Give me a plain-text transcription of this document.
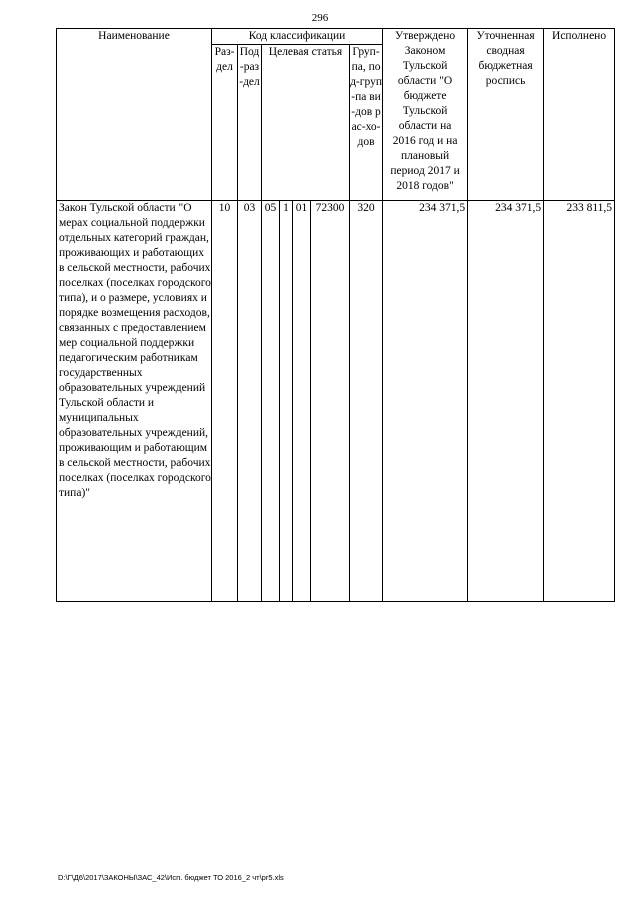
296
Наименование	Код классификации							Утверждено Законом Тульской области "О бюджете Тульской области на 2016 год и на плановый период 2017 и 2018 годов"	Уточненная сводная бюджетная роспись	Исполнено
	Раз-дел	Под-раз-дел	Целевая статья				Груп-па, под-груп-па ви-дов рас-хо-дов			
Закон Тульской области "О мерах социальной поддержки отдельных категорий граждан, проживающих и работающих в сельской местности, рабочих поселках (поселках городского типа), и о размере, условиях и порядке возмещения расходов, связанных с предоставлением мер социальной поддержки педагогическим работникам государственных образовательных учреждений Тульской области и муниципальных образовательных учреждений, проживающим и работающим в сельской местности, рабочих поселках (поселках городского типа)"	10	03	05	1	01	72300	320	234 371,5	234 371,5	233 811,5
D:\Г\Д6\2017\ЗАКОНЫ\ЗАС_42\Исп. бюджет ТО 2016_2 чт\pr5.xls
